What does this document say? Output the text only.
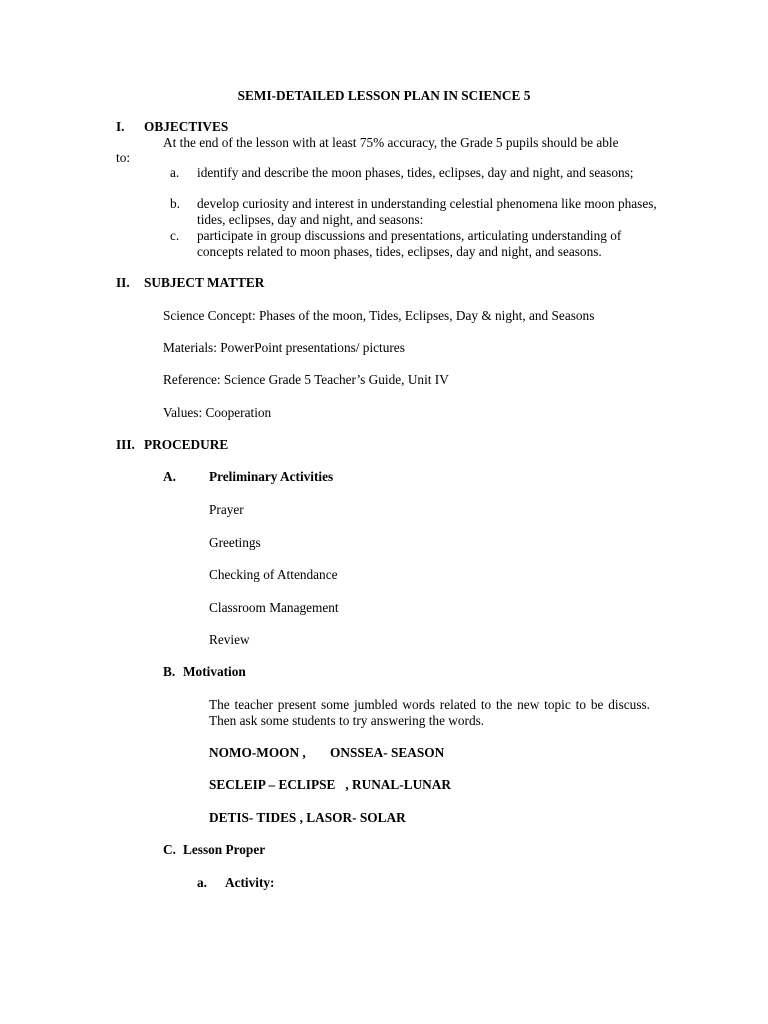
SEMI-DETAILED LESSON PLAN IN SCIENCE 5
I. OBJECTIVES
At the end of the lesson with at least 75% accuracy, the Grade 5 pupils should be able
to:
a. identify and describe the moon phases, tides, eclipses, day and night, and seasons;
b. develop curiosity and interest in understanding celestial phenomena like moon phases, tides, eclipses, day and night, and seasons:
c. participate in group discussions and presentations, articulating understanding of concepts related to moon phases, tides, eclipses, day and night, and seasons.
II. SUBJECT MATTER
Science Concept: Phases of the moon, Tides, Eclipses, Day & night, and Seasons
Materials: PowerPoint presentations/ pictures
Reference: Science Grade 5 Teacher’s Guide, Unit IV
Values: Cooperation
III. PROCEDURE
A. Preliminary Activities
Prayer
Greetings
Checking of Attendance
Classroom Management
Review
B. Motivation
The teacher present some jumbled words related to the new topic to be discuss. Then ask some students to try answering the words.
NOMO-MOON , ONSSEA- SEASON
SECLEIP – ECLIPSE   , RUNAL-LUNAR
DETIS- TIDES , LASOR- SOLAR
C. Lesson Proper
a. Activity:
